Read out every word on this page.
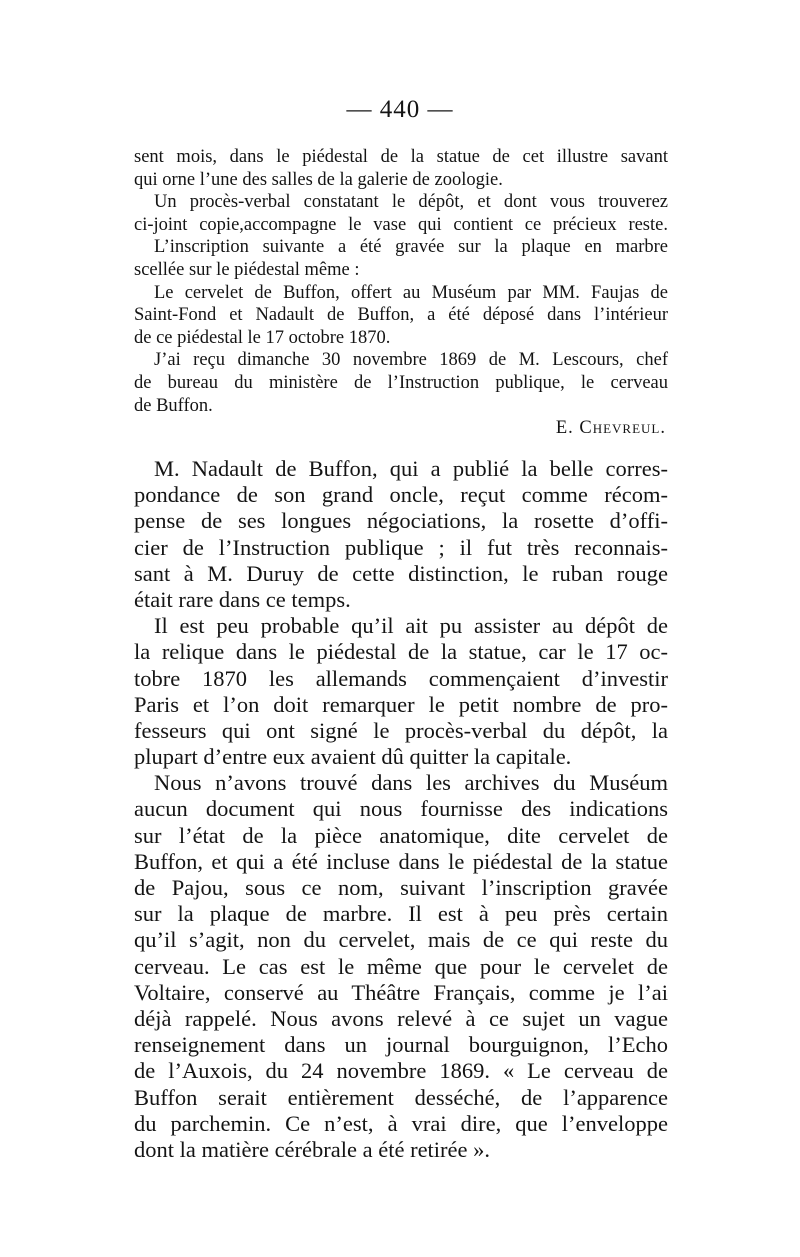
— 440 —
sent mois, dans le piédestal de la statue de cet illustre savant
qui orne l’une des salles de la galerie de zoologie.
Un procès-verbal constatant le dépôt, et dont vous trouverez
ci-joint copie,accompagne le vase qui contient ce précieux reste.
L’inscription suivante a été gravée sur la plaque en marbre
scellée sur le piédestal même :
Le cervelet de Buffon, offert au Muséum par MM. Faujas de
Saint-Fond et Nadault de Buffon, a été déposé dans l’intérieur
de ce piédestal le 17 octobre 1870.
J’ai reçu dimanche 30 novembre 1869 de M. Lescours, chef
de bureau du ministère de l’Instruction publique, le cerveau
de Buffon.
E. Chevreul.
M. Nadault de Buffon, qui a publié la belle corres-
pondance de son grand oncle, reçut comme récom-
pense de ses longues négociations, la rosette d’offi-
cier de l’Instruction publique ; il fut très reconnais-
sant à M. Duruy de cette distinction, le ruban rouge
était rare dans ce temps.
Il est peu probable qu’il ait pu assister au dépôt de
la relique dans le piédestal de la statue, car le 17 oc-
tobre 1870 les allemands commençaient d’investir
Paris et l’on doit remarquer le petit nombre de pro-
fesseurs qui ont signé le procès-verbal du dépôt, la
plupart d’entre eux avaient dû quitter la capitale.
Nous n’avons trouvé dans les archives du Muséum
aucun document qui nous fournisse des indications
sur l’état de la pièce anatomique, dite cervelet de
Buffon, et qui a été incluse dans le piédestal de la statue
de Pajou, sous ce nom, suivant l’inscription gravée
sur la plaque de marbre. Il est à peu près certain
qu’il s’agit, non du cervelet, mais de ce qui reste du
cerveau. Le cas est le même que pour le cervelet de
Voltaire, conservé au Théâtre Français, comme je l’ai
déjà rappelé. Nous avons relevé à ce sujet un vague
renseignement dans un journal bourguignon, l’Echo
de l’Auxois, du 24 novembre 1869. « Le cerveau de
Buffon serait entièrement desséché, de l’apparence
du parchemin. Ce n’est, à vrai dire, que l’enveloppe
dont la matière cérébrale a été retirée ».
